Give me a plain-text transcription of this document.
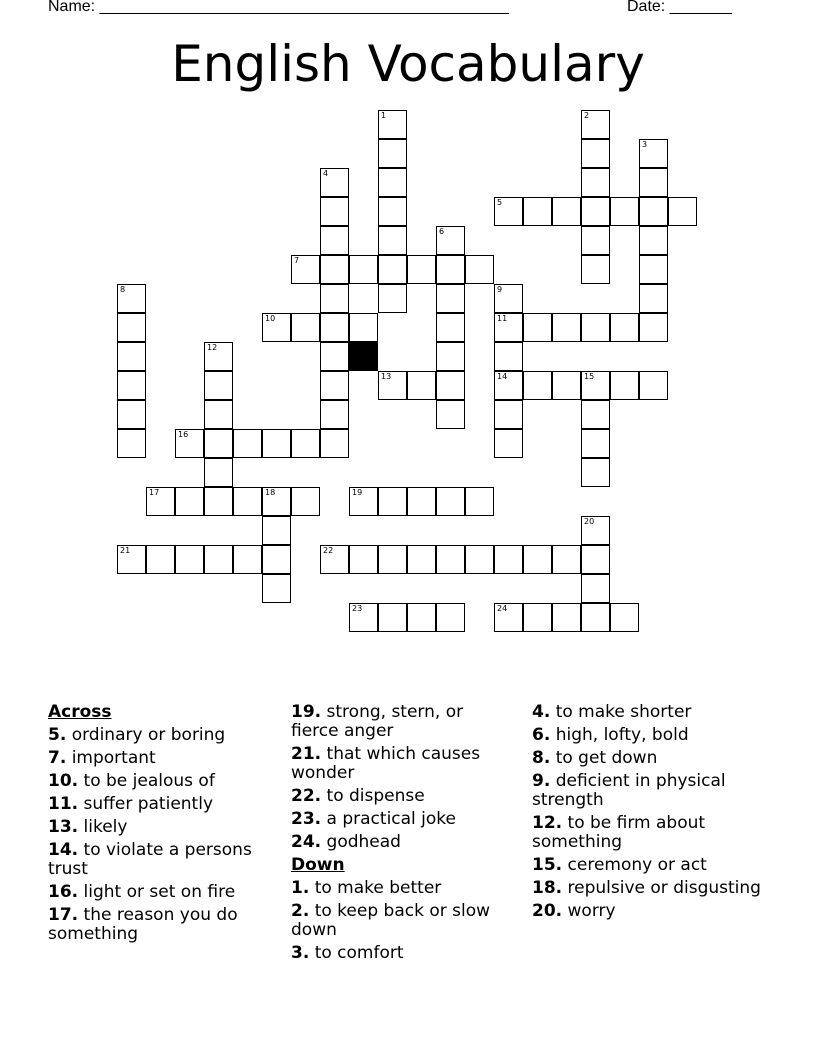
Name: ______________________________________________	Date: _______
English Vocabulary
5
7
10	11
13	14	15
16
17	18	19
21	22
23	24
1	2
3
4
6
8	9
12
20
Across
5. ordinary or boring
7. important
10. to be jealous of
11. suffer patiently
13. likely
14. to violate a persons trust
16. light or set on fire
17. the reason you do something
19. strong, stern, or fierce anger
21. that which causes wonder
22. to dispense
23. a practical joke
24. godhead
Down
1. to make better
2. to keep back or slow down
3. to comfort
4. to make shorter
6. high, lofty, bold
8. to get down
9. deficient in physical strength
12. to be firm about something
15. ceremony or act
18. repulsive or disgusting
20. worry
